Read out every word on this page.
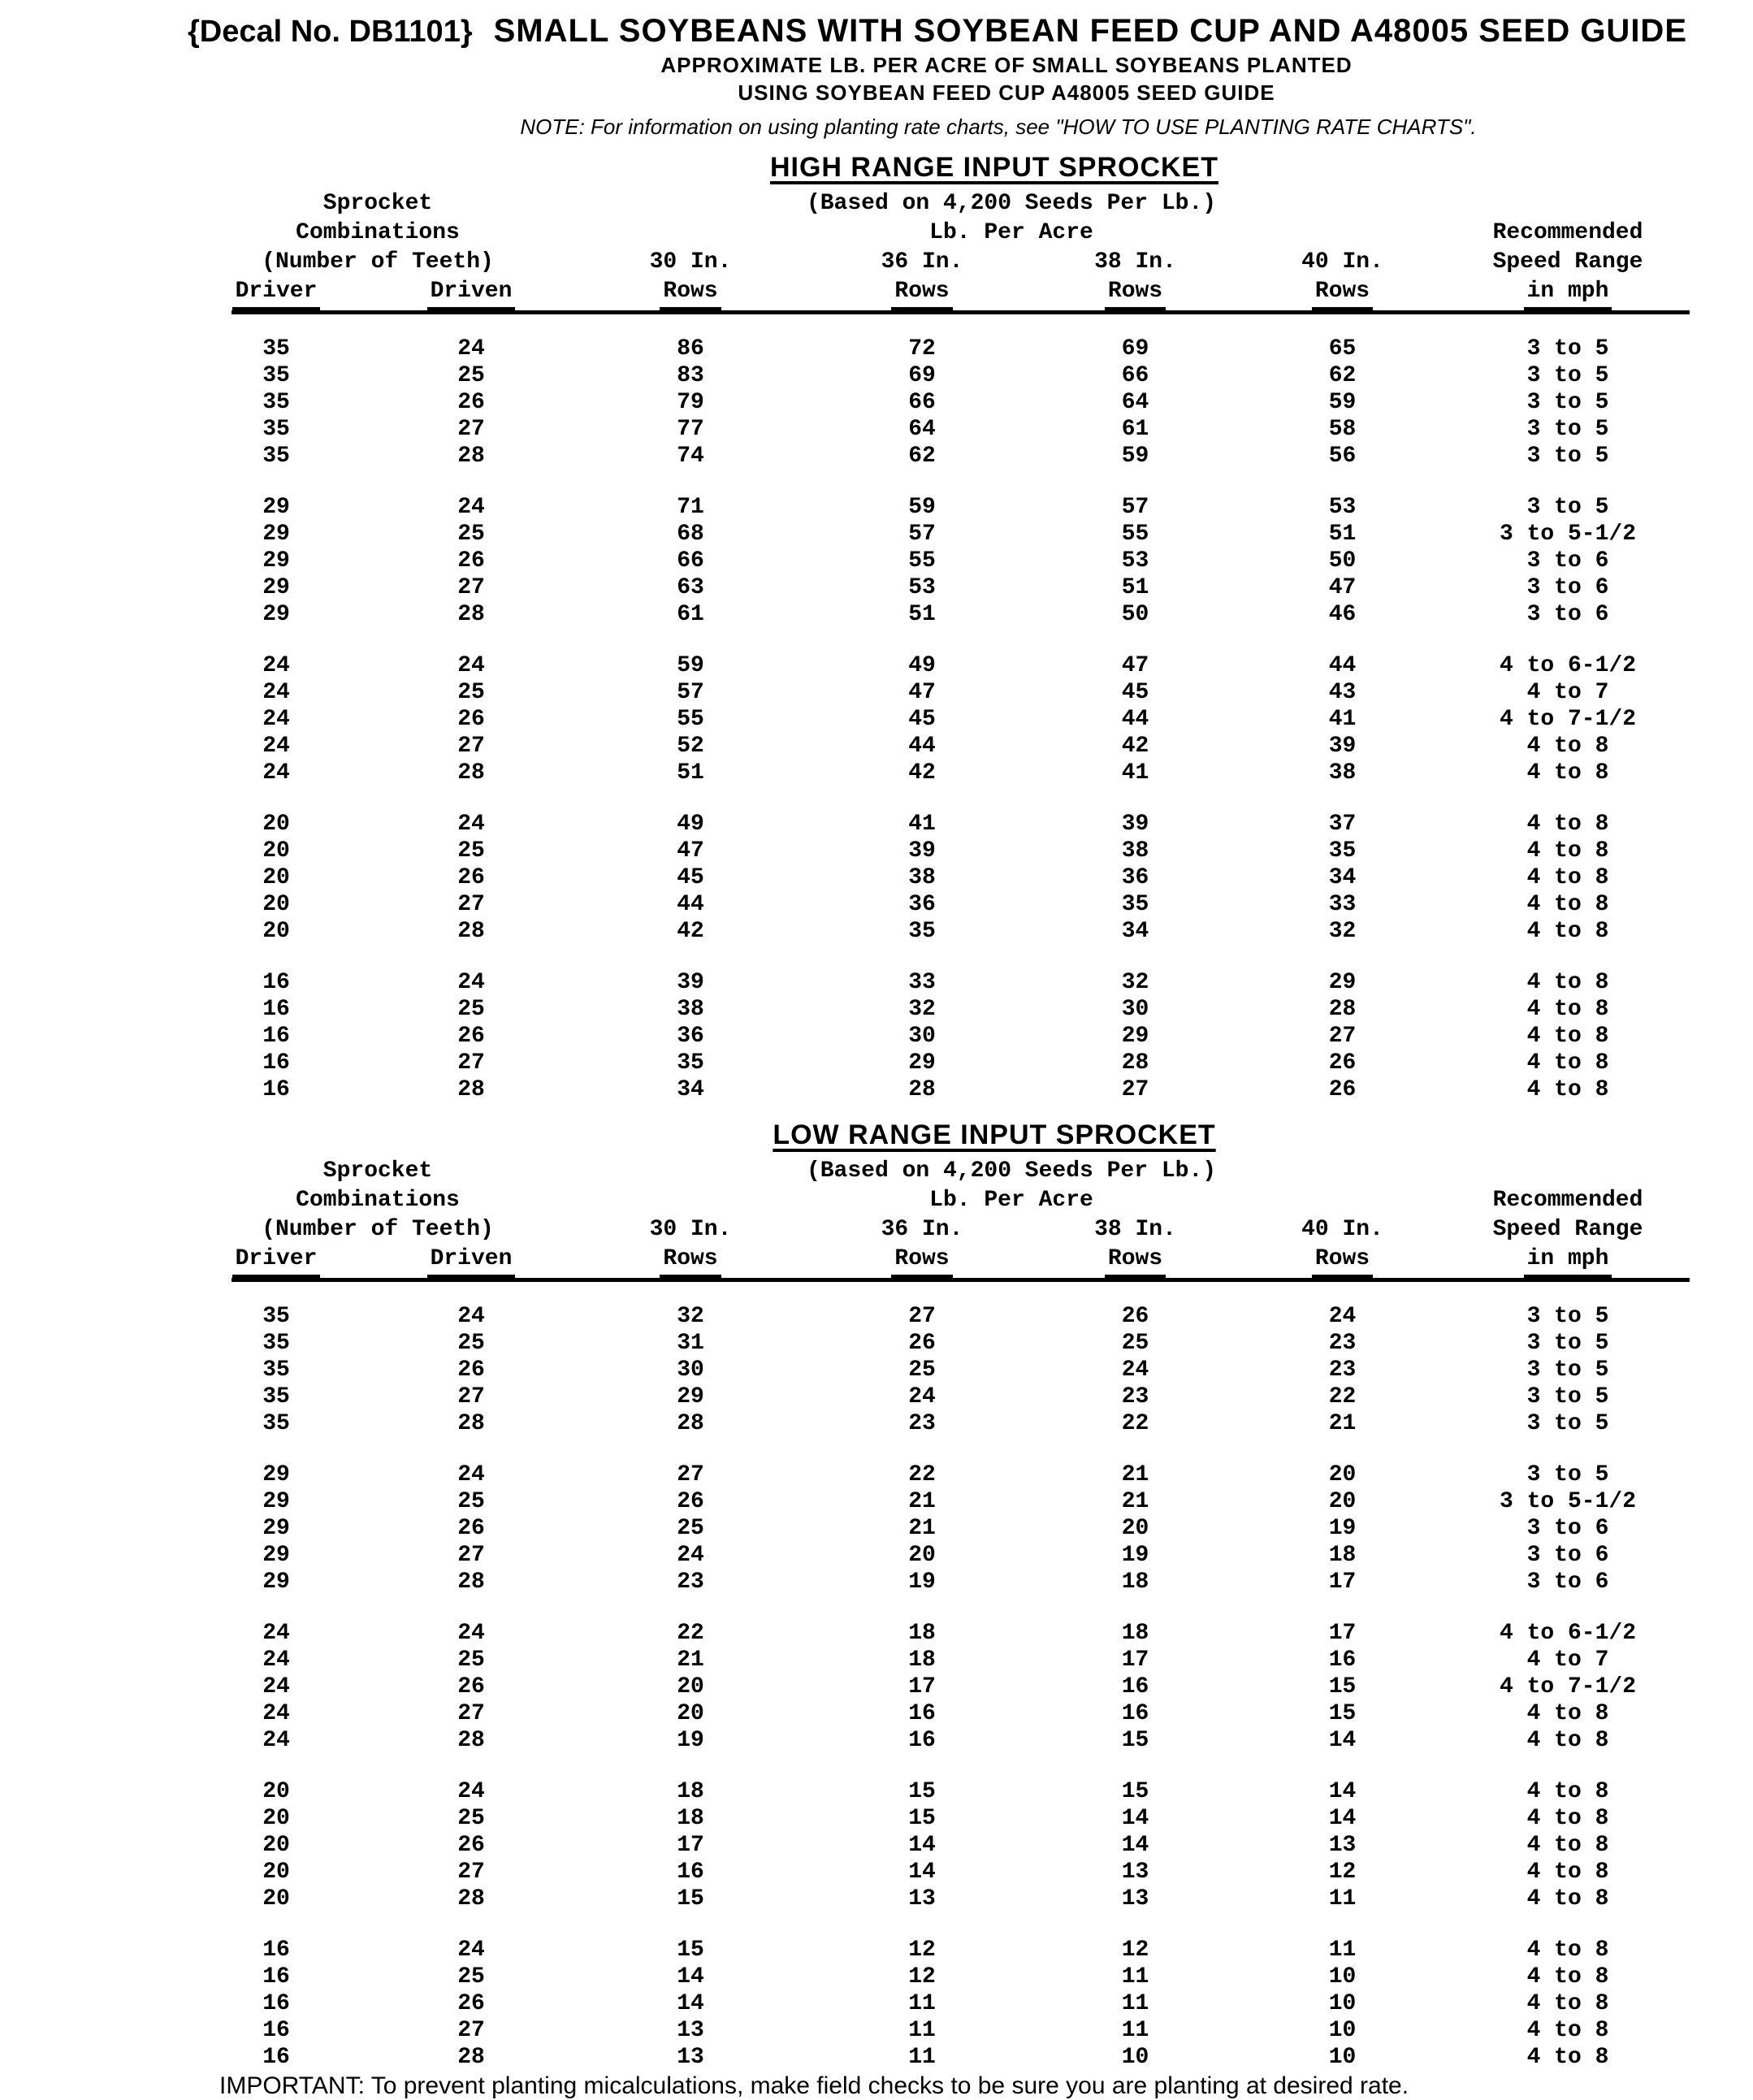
{Decal No. DB1101} SMALL SOYBEANS WITH SOYBEAN FEED CUP AND A48005 SEED GUIDE
APPROXIMATE LB. PER ACRE OF SMALL SOYBEANS PLANTED
USING SOYBEAN FEED CUP A48005 SEED GUIDE
NOTE: For information on using planting rate charts, see "HOW TO USE PLANTING RATE CHARTS".
HIGH RANGE INPUT SPROCKET
Sprocket	(Based on 4,200 Seeds Per Lb.)
Combinations	Lb. Per Acre	Recommended
(Number of Teeth)	30 In.	36 In.	38 In.	40 In.	Speed Range
Driver	Driven	Rows	Rows	Rows	Rows	in mph
35	24	86	72	69	65	3 to 5
35	25	83	69	66	62	3 to 5
35	26	79	66	64	59	3 to 5
35	27	77	64	61	58	3 to 5
35	28	74	62	59	56	3 to 5
29	24	71	59	57	53	3 to 5
29	25	68	57	55	51	3 to 5-1/2
29	26	66	55	53	50	3 to 6
29	27	63	53	51	47	3 to 6
29	28	61	51	50	46	3 to 6
24	24	59	49	47	44	4 to 6-1/2
24	25	57	47	45	43	4 to 7
24	26	55	45	44	41	4 to 7-1/2
24	27	52	44	42	39	4 to 8
24	28	51	42	41	38	4 to 8
20	24	49	41	39	37	4 to 8
20	25	47	39	38	35	4 to 8
20	26	45	38	36	34	4 to 8
20	27	44	36	35	33	4 to 8
20	28	42	35	34	32	4 to 8
16	24	39	33	32	29	4 to 8
16	25	38	32	30	28	4 to 8
16	26	36	30	29	27	4 to 8
16	27	35	29	28	26	4 to 8
16	28	34	28	27	26	4 to 8
LOW RANGE INPUT SPROCKET
Sprocket	(Based on 4,200 Seeds Per Lb.)
Combinations	Lb. Per Acre	Recommended
(Number of Teeth)	30 In.	36 In.	38 In.	40 In.	Speed Range
Driver	Driven	Rows	Rows	Rows	Rows	in mph
35	24	32	27	26	24	3 to 5
35	25	31	26	25	23	3 to 5
35	26	30	25	24	23	3 to 5
35	27	29	24	23	22	3 to 5
35	28	28	23	22	21	3 to 5
29	24	27	22	21	20	3 to 5
29	25	26	21	21	20	3 to 5-1/2
29	26	25	21	20	19	3 to 6
29	27	24	20	19	18	3 to 6
29	28	23	19	18	17	3 to 6
24	24	22	18	18	17	4 to 6-1/2
24	25	21	18	17	16	4 to 7
24	26	20	17	16	15	4 to 7-1/2
24	27	20	16	16	15	4 to 8
24	28	19	16	15	14	4 to 8
20	24	18	15	15	14	4 to 8
20	25	18	15	14	14	4 to 8
20	26	17	14	14	13	4 to 8
20	27	16	14	13	12	4 to 8
20	28	15	13	13	11	4 to 8
16	24	15	12	12	11	4 to 8
16	25	14	12	11	10	4 to 8
16	26	14	11	11	10	4 to 8
16	27	13	11	11	10	4 to 8
16	28	13	11	10	10	4 to 8
IMPORTANT: To prevent planting micalculations, make field checks to be sure you are planting at desired rate.
